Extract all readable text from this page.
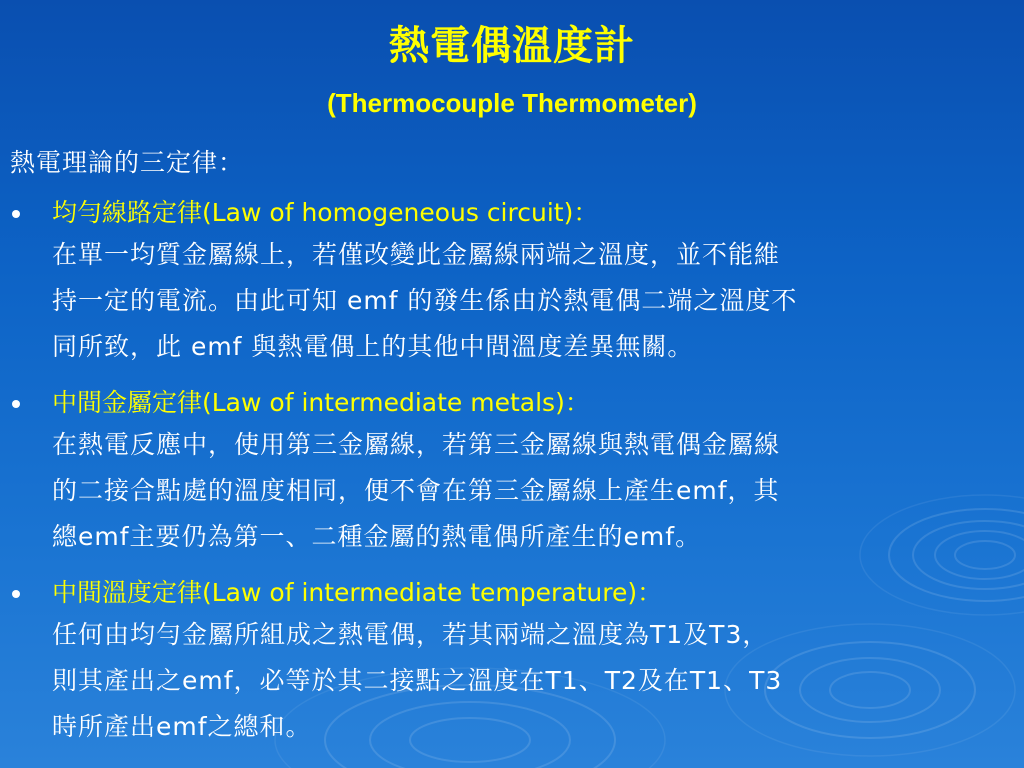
熱電偶溫度計
(Thermocouple Thermometer)
熱電理論的三定律：
均勻線路定律(Law of homogeneous circuit)：
在單一均質金屬線上，若僅改變此金屬線兩端之溫度，並不能維
持一定的電流。由此可知 emf 的發生係由於熱電偶二端之溫度不
同所致，此 emf 與熱電偶上的其他中間溫度差異無關。
中間金屬定律(Law of intermediate metals)：
在熱電反應中，使用第三金屬線，若第三金屬線與熱電偶金屬線
的二接合點處的溫度相同，便不會在第三金屬線上產生emf，其
總emf主要仍為第一、二種金屬的熱電偶所產生的emf。
中間溫度定律(Law of intermediate temperature)：
任何由均勻金屬所組成之熱電偶，若其兩端之溫度為T1及T3，
則其產出之emf，必等於其二接點之溫度在T1、T2及在T1、T3
時所產出emf之總和。
